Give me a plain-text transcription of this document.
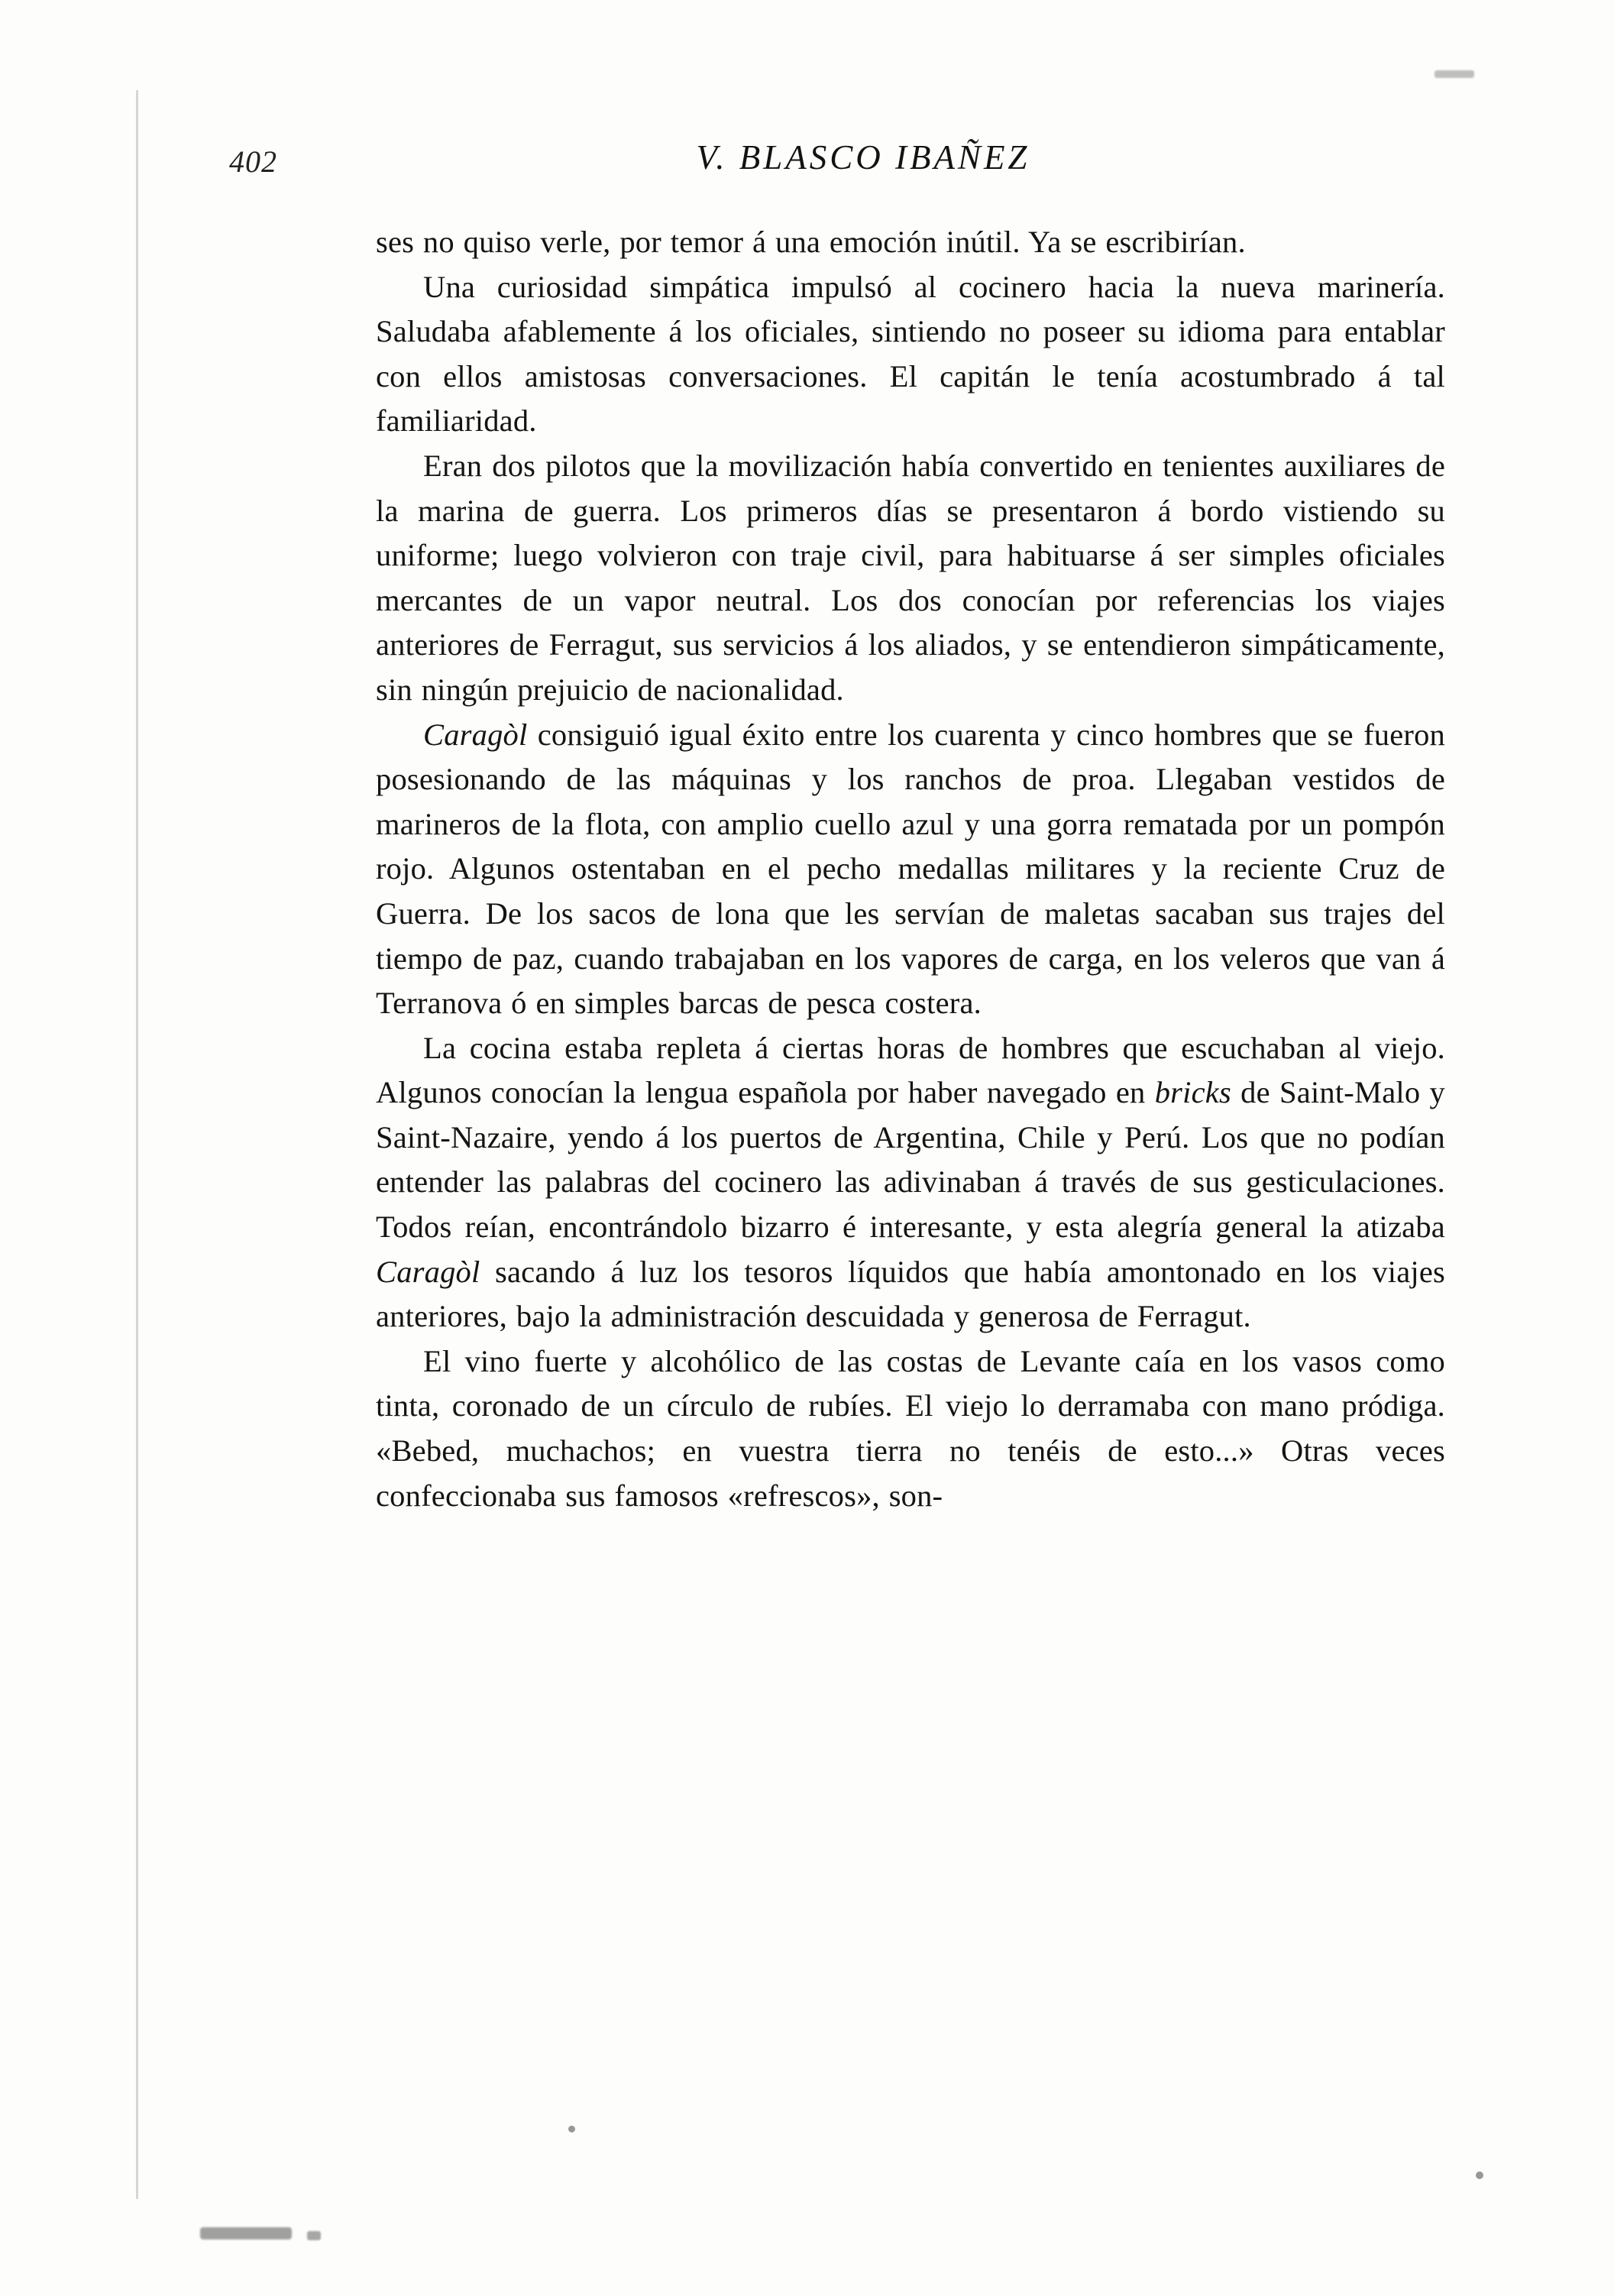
402	V. BLASCO IBAÑEZ

ses no quiso verle, por temor á una emoción inútil. Ya se escribirían.

Una curiosidad simpática impulsó al cocinero hacia la nueva marinería. Saludaba afablemente á los oficiales, sintiendo no poseer su idioma para entablar con ellos amistosas conversaciones. El capitán le tenía acostumbrado á tal familiaridad.

Eran dos pilotos que la movilización había convertido en tenientes auxiliares de la marina de guerra. Los primeros días se presentaron á bordo vistiendo su uniforme; luego volvieron con traje civil, para habituarse á ser simples oficiales mercantes de un vapor neutral. Los dos conocían por referencias los viajes anteriores de Ferragut, sus servicios á los aliados, y se entendieron simpáticamente, sin ningún prejuicio de nacionalidad.

Caragòl consiguió igual éxito entre los cuarenta y cinco hombres que se fueron posesionando de las máquinas y los ranchos de proa. Llegaban vestidos de marineros de la flota, con amplio cuello azul y una gorra rematada por un pompón rojo. Algunos ostentaban en el pecho medallas militares y la reciente Cruz de Guerra. De los sacos de lona que les servían de maletas sacaban sus trajes del tiempo de paz, cuando trabajaban en los vapores de carga, en los veleros que van á Terranova ó en simples barcas de pesca costera.

La cocina estaba repleta á ciertas horas de hombres que escuchaban al viejo. Algunos conocían la lengua española por haber navegado en bricks de Saint-Malo y Saint-Nazaire, yendo á los puertos de Argentina, Chile y Perú. Los que no podían entender las palabras del cocinero las adivinaban á través de sus gesticulaciones. Todos reían, encontrándolo bizarro é interesante, y esta alegría general la atizaba Caragòl sacando á luz los tesoros líquidos que había amontonado en los viajes anteriores, bajo la administración descuidada y generosa de Ferragut.

El vino fuerte y alcohólico de las costas de Levante caía en los vasos como tinta, coronado de un círculo de rubíes. El viejo lo derramaba con mano pródiga. «Bebed, muchachos; en vuestra tierra no tenéis de esto...» Otras veces confeccionaba sus famosos «refrescos», son-
